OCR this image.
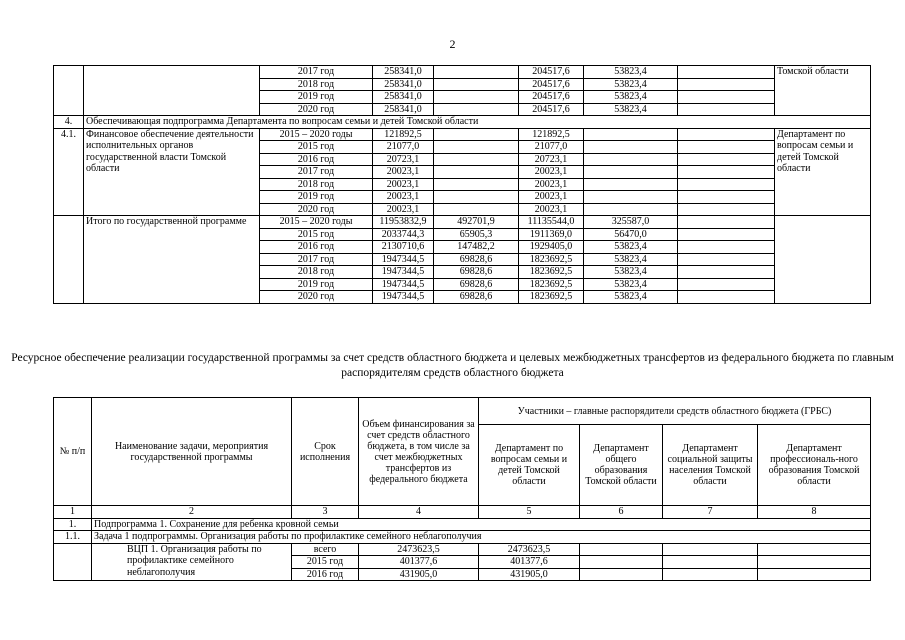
2
		2017 год	258341,0		204517,6	53823,4		Томской области
		2018 год	258341,0		204517,6	53823,4		
		2019 год	258341,0		204517,6	53823,4		
		2020 год	258341,0		204517,6	53823,4		
4.	Обеспечивающая подпрограмма Департамента по вопросам семьи и детей Томской области							
4.1.	Финансовое обеспечение деятельности исполнительных органов государственной власти Томской области	2015 – 2020 годы	121892,5		121892,5			Департамент по вопросам семьи и детей Томской области
		2015 год	21077,0		21077,0			
		2016 год	20723,1		20723,1			
		2017 год	20023,1		20023,1			
		2018 год	20023,1		20023,1			
		2019 год	20023,1		20023,1			
		2020 год	20023,1		20023,1			
	Итого по государственной программе	2015 – 2020 годы	11953832,9	492701,9	11135544,0	325587,0		
		2015 год	2033744,3	65905,3	1911369,0	56470,0		
		2016 год	2130710,6	147482,2	1929405,0	53823,4		
		2017 год	1947344,5	69828,6	1823692,5	53823,4		
		2018 год	1947344,5	69828,6	1823692,5	53823,4		
		2019 год	1947344,5	69828,6	1823692,5	53823,4		
		2020 год	1947344,5	69828,6	1823692,5	53823,4		
Ресурсное обеспечение реализации государственной программы за счет средств областного бюджета и целевых межбюджетных трансфертов из федерального бюджета по главным распорядителям средств областного бюджета
№ п/п	Наименование задачи, мероприятия государственной программы	Срок исполнения	Объем финансирования за счет средств областного бюджета, в том числе за счет межбюджетных трансфертов из федерального бюджета	Участники – главные распорядители средств областного бюджета (ГРБС)			
				Департамент по вопросам семьи и детей Томской области	Департамент общего образования Томской области	Департамент социальной защиты населения Томской области	Департамент профессиональ-ного образования Томской области
1	2	3	4	5	6	7	8
1.	Подпрограмма 1. Сохранение для ребенка кровной семьи						
1.1.	Задача 1 подпрограммы. Организация работы по профилактике семейного неблагополучия						
	ВЦП 1. Организация работы по профилактике семейного неблагополучия	всего	2473623,5	2473623,5			
		2015 год	401377,6	401377,6			
		2016 год	431905,0	431905,0			
